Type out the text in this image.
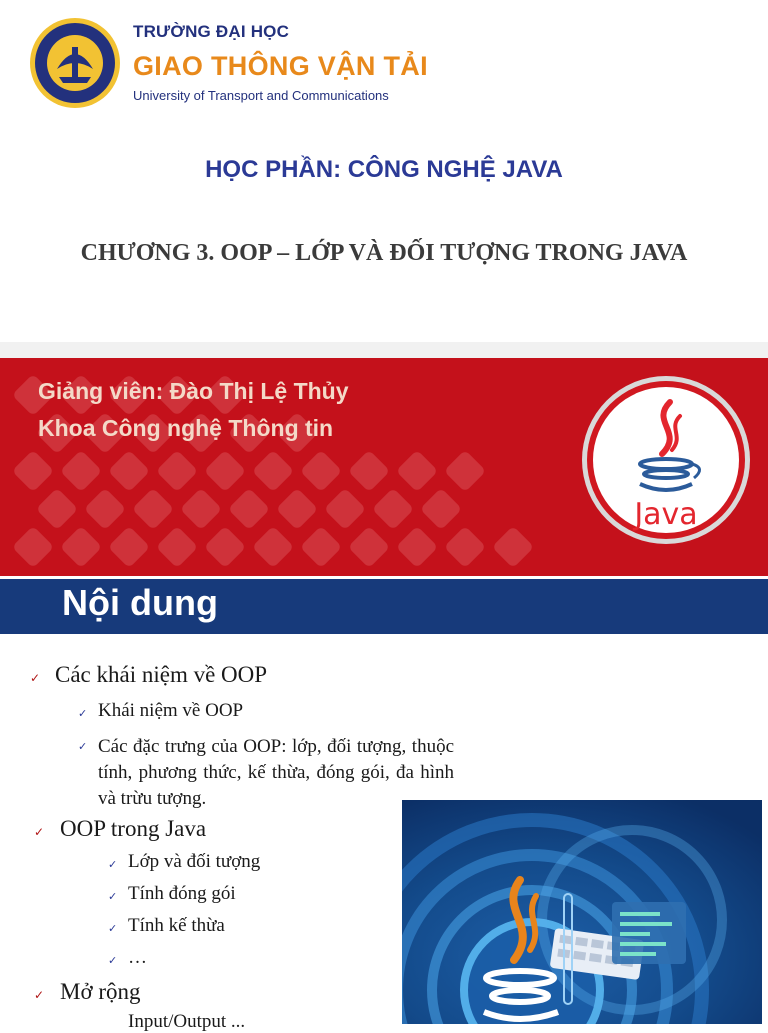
TRƯỜNG ĐẠI HỌC
GIAO THÔNG VẬN TẢI
University of Transport and Communications
HỌC PHẦN: CÔNG NGHỆ JAVA
CHƯƠNG 3. OOP – LỚP VÀ ĐỐI TƯỢNG TRONG JAVA
Giảng viên: Đào Thị Lệ Thủy
Khoa Công nghệ Thông tin
Java
Nội dung
✓ Các khái niệm về OOP
✓ Khái niệm về OOP
✓ Các đặc trưng của OOP: lớp, đối tượng, thuộc tính, phương thức, kế thừa, đóng gói, đa hình và trừu tượng.
✓ OOP trong Java
✓ Lớp và đối tượng
✓ Tính đóng gói
✓ Tính kế thừa
✓ …
✓ Mở rộng
Input/Output ...
